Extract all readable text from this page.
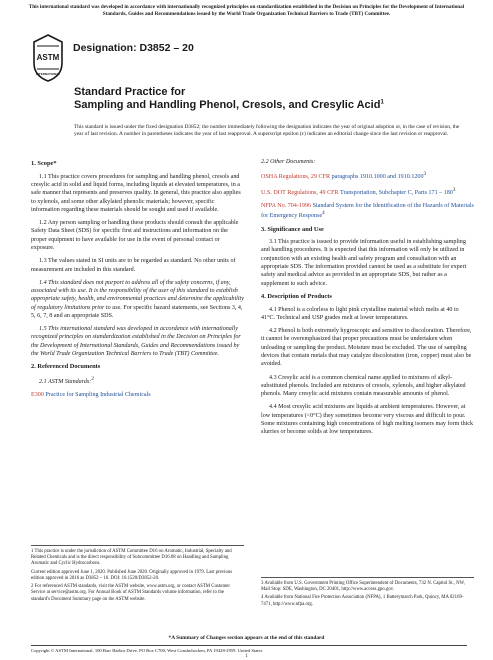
This international standard was developed in accordance with internationally recognized principles on standardization established in the Decision on Principles for the Development of International Standards, Guides and Recommendations issued by the World Trade Organization Technical Barriers to Trade (TBT) Committee.
ASTM
INTERNATIONAL
Designation: D3852 – 20
Standard Practice for
Sampling and Handling Phenol, Cresols, and Cresylic Acid$^1$
This standard is issued under the fixed designation D3852; the number immediately following the designation indicates the year of original adoption or, in the case of revision, the year of last revision. A number in parentheses indicates the year of last reapproval. A superscript epsilon (ε) indicates an editorial change since the last revision or reapproval.
1. Scope*

1.1 This practice covers procedures for sampling and handling phenol, cresols and cresylic acid in solid and liquid forms, including liquids at elevated temperatures, in a safe manner that represents and preserves quality. In general, this practice also applies to xylenols, and some other alkylated phenolic materials; however, specific information regarding these materials should be sought and used if available.

1.2 Any person sampling or handling these products should consult the applicable Safety Data Sheet (SDS) for specific first aid instructions and information on the proper equipment to have available for use in the event of personal contact or exposure.

1.3 The values stated in SI units are to be regarded as standard. No other units of measurement are included in this standard.

1.4 This standard does not purport to address all of the safety concerns, if any, associated with its use. It is the responsibility of the user of this standard to establish appropriate safety, health, and environmental practices and determine the applicability of regulatory limitations prior to use. For specific hazard statements, see Sections 3, 4, 5, 6, 7, 8 and an appropriate SDS.

1.5 This international standard was developed in accordance with internationally recognized principles on standardization established in the Decision on Principles for the Development of International Standards, Guides and Recommendations issued by the World Trade Organization Technical Barriers to Trade (TBT) Committee.

2. Referenced Documents

2.1 ASTM Standards:$^2$

E300 Practice for Sampling Industrial Chemicals

2.2 Other Documents:

OSHA Regulations, 29 CFR paragraphs 1910.1000 and 1910.1200$^3$

U.S. DOT Regulations, 49 CFR Transportation, Subchapter C, Parts $171 - 180^3$

NFPA No. 704-1996 Standard System for the Identification of the Hazards of Materials for Emergency Response$^4$

3. Significance and Use

3.1 This practice is issued to provide information useful in establishing sampling and handling procedures. It is expected that this information will only be utilized in conjunction with an existing health and safety program and consultation with an appropriate SDS. The information provided cannot be used as a substitute for expert safety and medical advice as provided in an appropriate SDS, but rather as a supplement to such advice.

4. Description of Products

4.1 Phenol is a colorless to light pink crystalline material which melts at 40 to 41°C. Technical and USP grades melt at lower temperatures.

4.2 Phenol is both extremely hygroscopic and sensitive to discoloration. Therefore, it cannot be overemphasized that proper precautions must be undertaken when unloading or sampling the product. Moisture must be excluded. The use of sampling devices that contain metals that may catalyze discoloration (iron, copper) must also be avoided.

4.3 Cresylic acid is a common chemical name applied to mixtures of alkyl-substituted phenols. Included are mixtures of cresols, xylenols, and higher alkylated phenols. Many cresylic acid mixtures contain measurable amounts of phenol.

4.4 Most cresylic acid mixtures are liquids at ambient temperatures. However, at low temperatures (<0°C) they sometimes become very viscous and difficult to pour. Some mixtures containing high concentrations of high melting isomers may form thick slurries or become solids at low temperatures.

1 This practice is under the jurisdiction of ASTM Committee D16 on Aromatic, Industrial, Specialty and Related Chemicals and is the direct responsibility of Subcommittee D16.08 on Handling and Sampling Aromatic and Cyclic Hydrocarbons.

Current edition approved June 1, 2020. Published June 2020. Originally approved in 1979. Last previous edition approved in 2016 as D3852 – 16. DOI: 10.1520/D3852-20.

2 For referenced ASTM standards, visit the ASTM website, www.astm.org, or contact ASTM Customer Service at service@astm.org. For Annual Book of ASTM Standards volume information, refer to the standard's Document Summary page on the ASTM website.

3 Available from U.S. Government Printing Office Superintendent of Documents, 732 N. Capitol St., NW, Mail Stop: SDE, Washington, DC 20401, http://www.access.gpo.gov.

4 Available from National Fire Protection Association (NFPA), 1 Batterymarch Park, Quincy, MA 02169-7471, http://www.nfpa.org.

*A Summary of Changes section appears at the end of this standard
Copyright © ASTM International, 100 Barr Harbor Drive, PO Box C700, West Conshohocken, PA 19428-2959. United States
1
